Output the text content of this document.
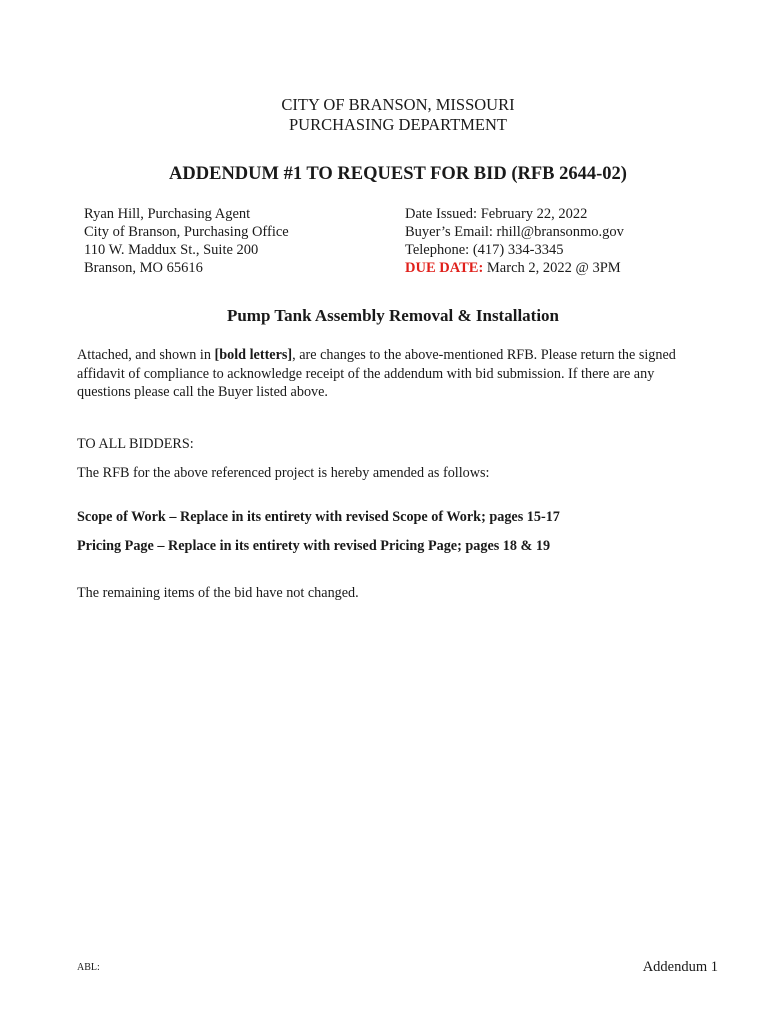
CITY OF BRANSON, MISSOURI
PURCHASING DEPARTMENT
ADDENDUM #1 TO REQUEST FOR BID (RFB 2644-02)
Ryan Hill, Purchasing Agent
City of Branson, Purchasing Office
110 W. Maddux St., Suite 200
Branson, MO 65616
Date Issued: February 22, 2022
Buyer’s Email: rhill@bransonmo.gov
Telephone: (417) 334-3345
DUE DATE: March 2, 2022 @ 3PM
Pump Tank Assembly Removal & Installation
Attached, and shown in [bold letters], are changes to the above-mentioned RFB. Please return the signed affidavit of compliance to acknowledge receipt of the addendum with bid submission. If there are any questions please call the Buyer listed above.
TO ALL BIDDERS:
The RFB for the above referenced project is hereby amended as follows:
Scope of Work – Replace in its entirety with revised Scope of Work; pages 15-17
Pricing Page – Replace in its entirety with revised Pricing Page; pages 18 & 19
The remaining items of the bid have not changed.
ABL:	Addendum 1
